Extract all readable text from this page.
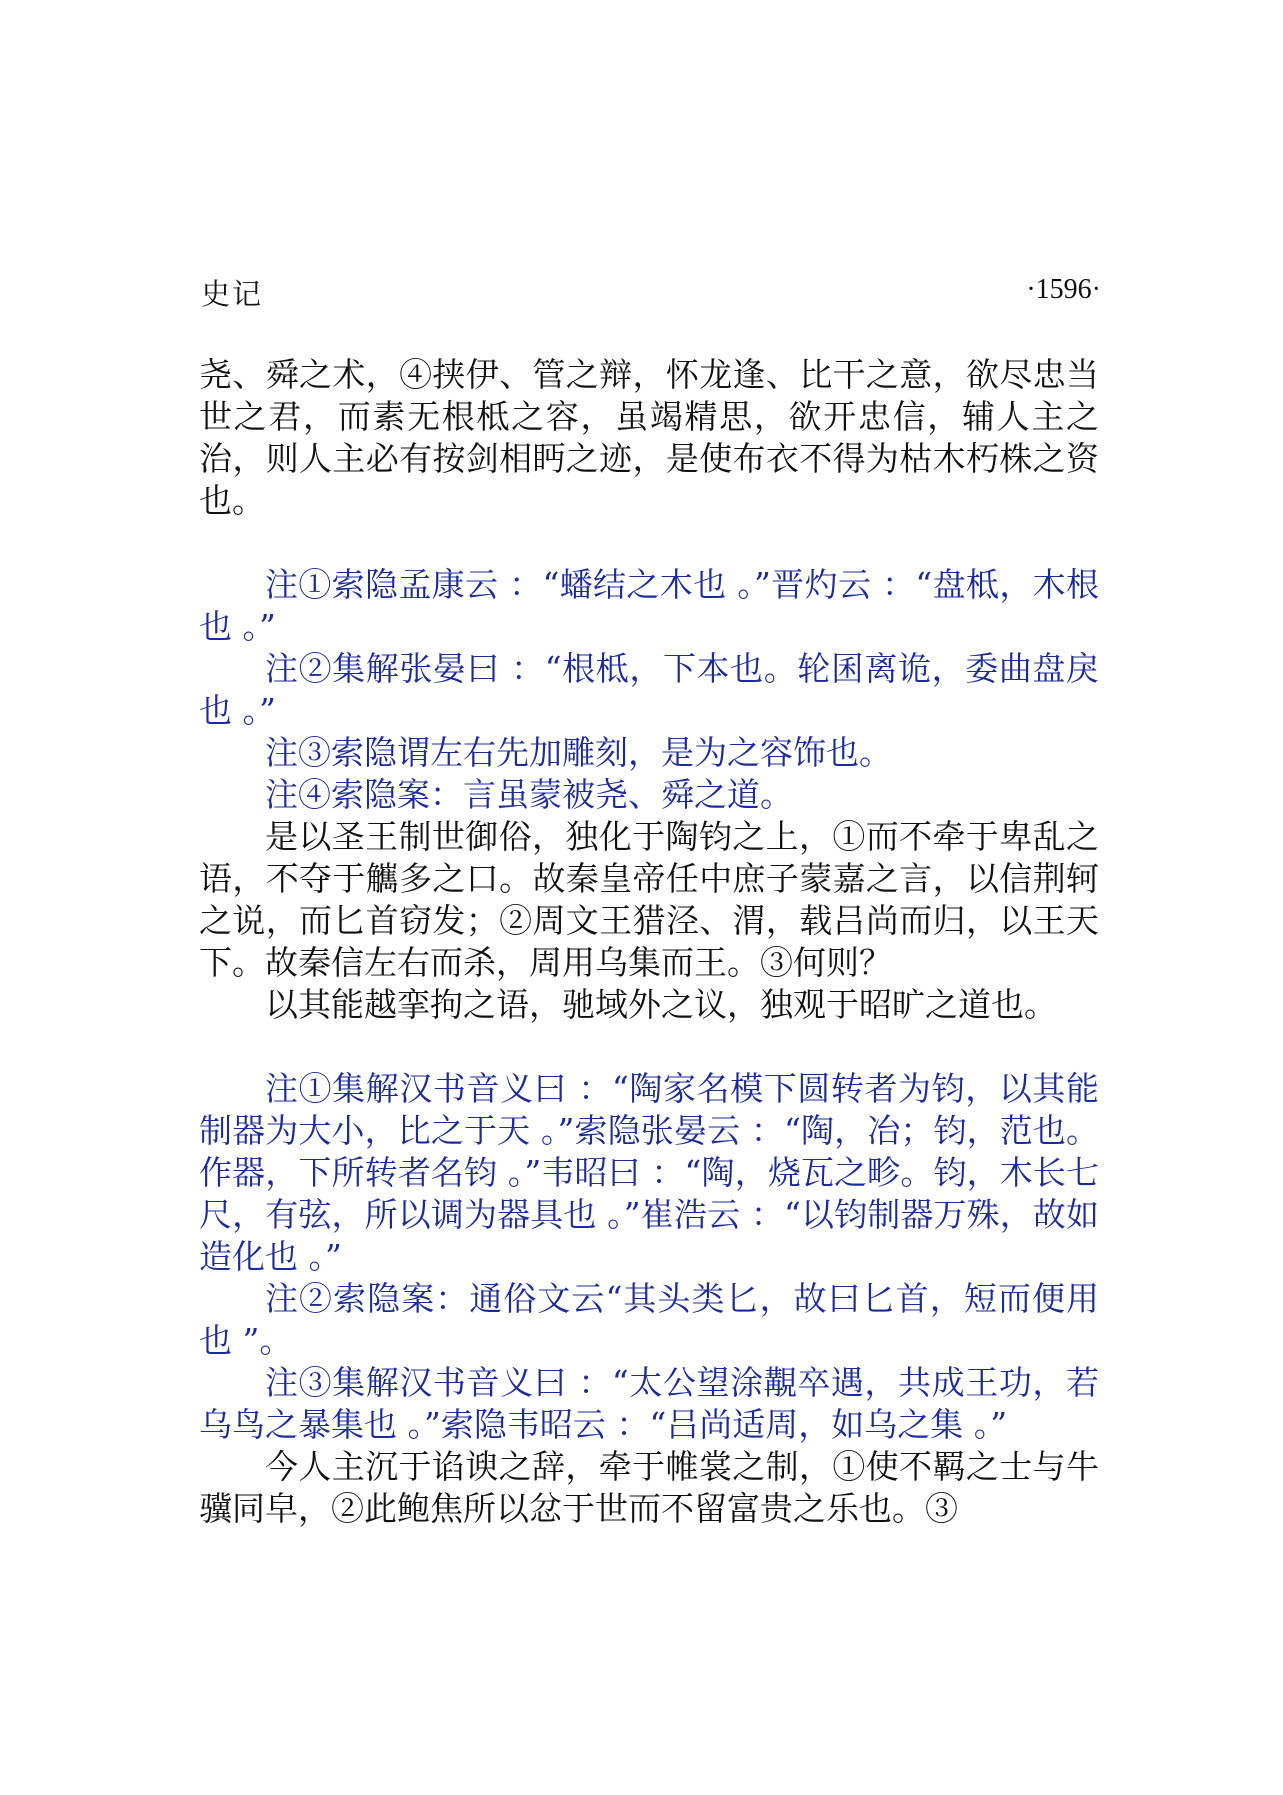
史记	·1596·

尧、舜之术，④挟伊、管之辩，怀龙逢、比干之意，欲尽忠当世之君，而素无根柢之容，虽竭精思，欲开忠信，辅人主之治，则人主必有按剑相眄之迹，是使布衣不得为枯木朽株之资也。

注①索隐孟康云 ：“蟠结之木也 。”晋灼云 ：“盘柢，木根也 。”

注②集解张晏曰 ：“根柢，下本也。轮囷离诡，委曲盘戾也 。”

注③索隐谓左右先加雕刻，是为之容饰也。

注④索隐案：言虽蒙被尧、舜之道。

是以圣王制世御俗，独化于陶钧之上，①而不牵于卑乱之语，不夺于觽多之口。故秦皇帝任中庶子蒙嘉之言，以信荆轲之说，而匕首窃发；②周文王猎泾、渭，载吕尚而归，以王天下。故秦信左右而杀，周用乌集而王。③何则？

以其能越挛拘之语，驰域外之议，独观于昭旷之道也。

注①集解汉书音义曰 ：“陶家名模下圆转者为钧，以其能制器为大小，比之于天 。”索隐张晏云 ：“陶，冶；钧，范也。作器，下所转者名钧 。”韦昭曰 ：“陶，烧瓦之畛。钧，木长七尺，有弦，所以调为器具也 。”崔浩云 ：“以钧制器万殊，故如造化也 。”

注②索隐案：通俗文云“其头类匕，故曰匕首，短而便用也 ”。

注③集解汉书音义曰 ：“太公望涂覯卒遇，共成王功，若乌鸟之暴集也 。”索隐韦昭云 ：“吕尚适周，如乌之集 。”

今人主沉于谄谀之辞，牵于帷裳之制，①使不羁之士与牛骥同皁，②此鲍焦所以忿于世而不留富贵之乐也。③
